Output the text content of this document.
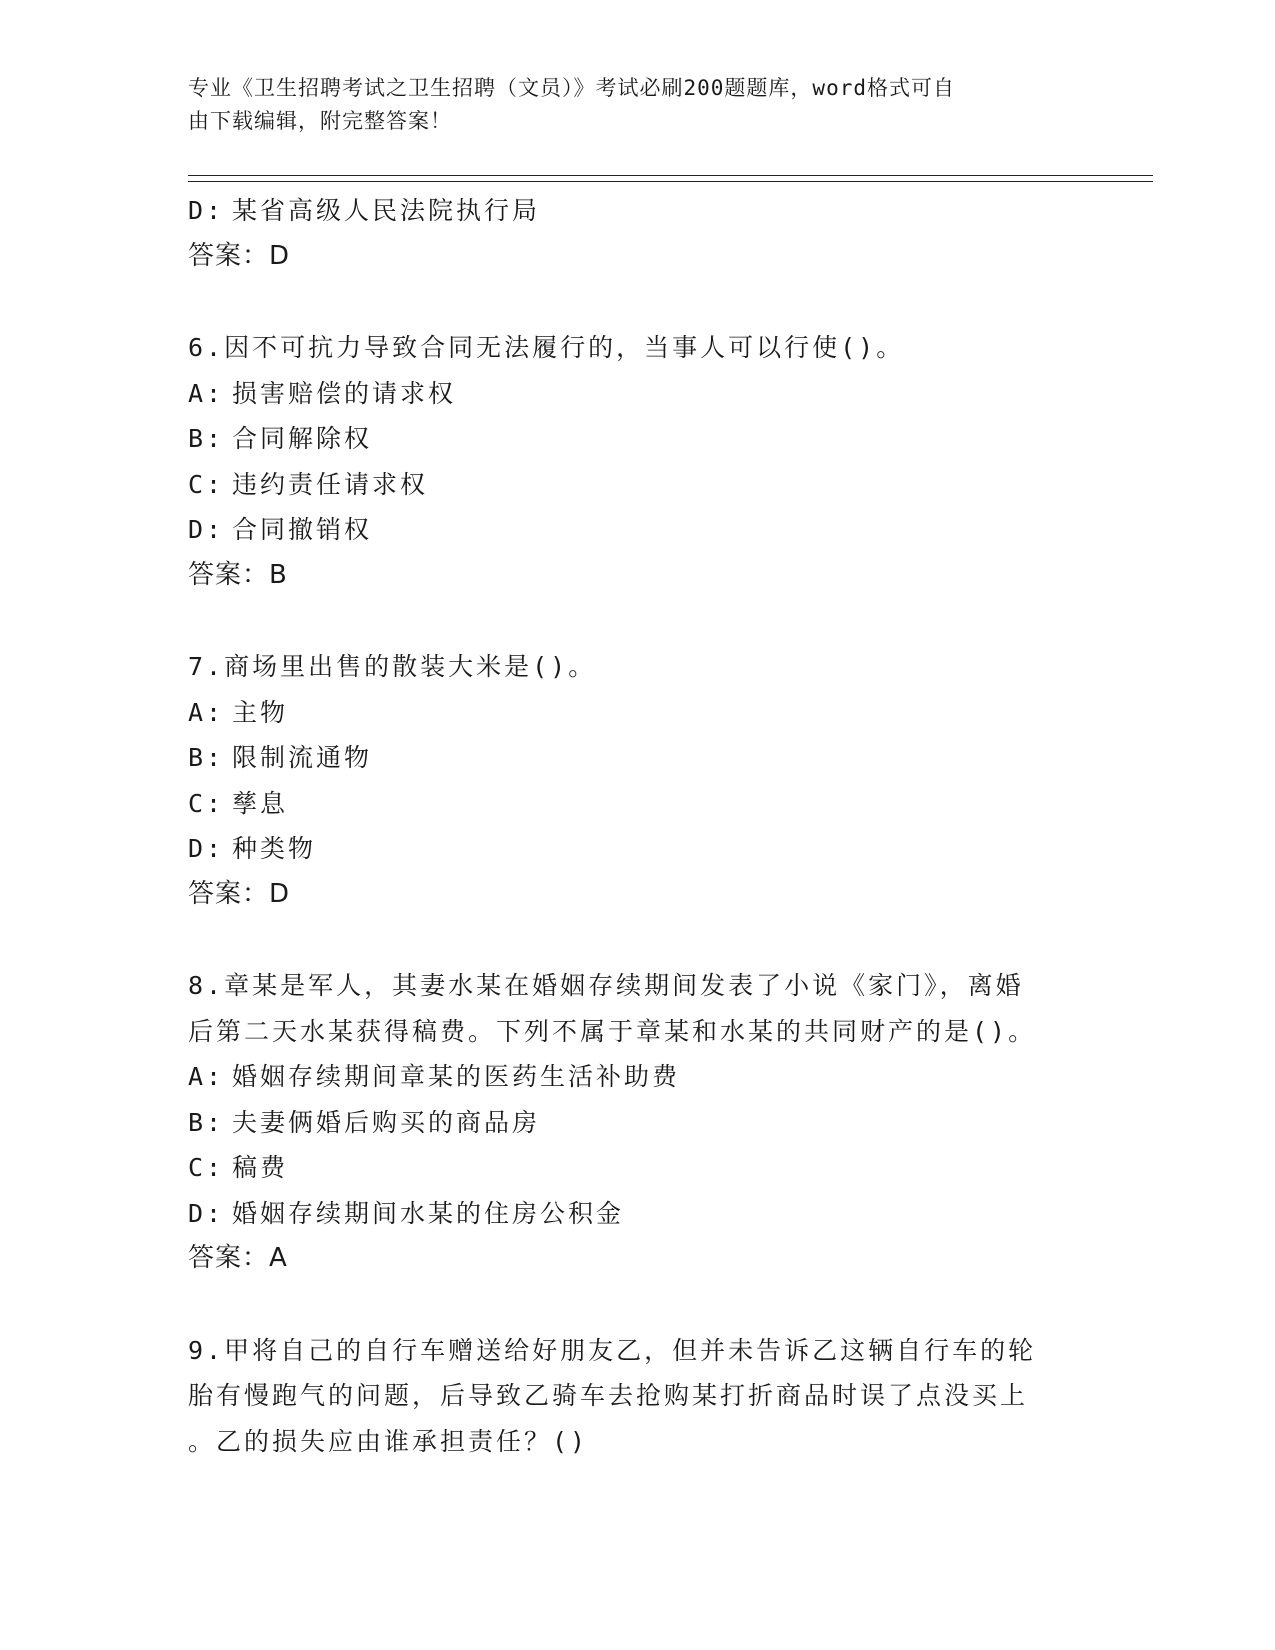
专业《卫生招聘考试之卫生招聘（文员）》考试必刷200题题库，word格式可自
由下载编辑，附完整答案！
D: 某省高级人民法院执行局
答案：D
6.因不可抗力导致合同无法履行的，当事人可以行使()。
A: 损害赔偿的请求权
B: 合同解除权
C: 违约责任请求权
D: 合同撤销权
答案：B
7.商场里出售的散装大米是()。
A: 主物
B: 限制流通物
C: 孳息
D: 种类物
答案：D
8.章某是军人，其妻水某在婚姻存续期间发表了小说《家门》，离婚
后第二天水某获得稿费。下列不属于章某和水某的共同财产的是()。
A: 婚姻存续期间章某的医药生活补助费
B: 夫妻俩婚后购买的商品房
C: 稿费
D: 婚姻存续期间水某的住房公积金
答案：A
9.甲将自己的自行车赠送给好朋友乙，但并未告诉乙这辆自行车的轮
胎有慢跑气的问题，后导致乙骑车去抢购某打折商品时误了点没买上
。乙的损失应由谁承担责任？()
